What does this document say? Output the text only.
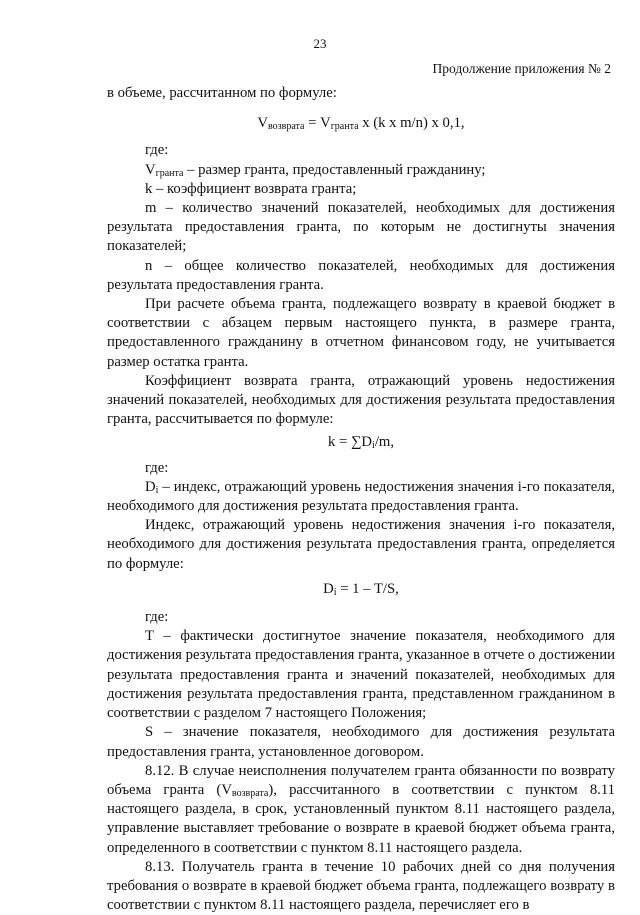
23
Продолжение приложения № 2

в объеме, рассчитанном по формуле:

$V_{возврата} = V_{гранта}$ x (k x m/n) x 0,1,

где:

$V_{гранта}$ – размер гранта, предоставленный гражданину;

k – коэффициент возврата гранта;

m – количество значений показателей, необходимых для достижения результата предоставления гранта, по которым не достигнуты значения показателей;

n – общее количество показателей, необходимых для достижения результата предоставления гранта.

При расчете объема гранта, подлежащего возврату в краевой бюджет в соответствии с абзацем первым настоящего пункта, в размере гранта, предоставленного гражданину в отчетном финансовом году, не учитывается размер остатка гранта.

Коэффициент возврата гранта, отражающий уровень недостижения значений показателей, необходимых для достижения результата предоставления гранта, рассчитывается по формуле:

$k = \sum D_i/m$,

где:

$D_i$ – индекс, отражающий уровень недостижения значения i-го показателя, необходимого для достижения результата предоставления гранта.

Индекс, отражающий уровень недостижения значения i-го показателя, необходимого для достижения результата предоставления гранта, определяется по формуле:

$D_i = 1 - T/S$,

где:

T – фактически достигнутое значение показателя, необходимого для достижения результата предоставления гранта, указанное в отчете о достижении результата предоставления гранта и значений показателей, необходимых для достижения результата предоставления гранта, представленном гражданином в соответствии с разделом 7 настоящего Положения;

S – значение показателя, необходимого для достижения результата предоставления гранта, установленное договором.

8.12. В случае неисполнения получателем гранта обязанности по возврату объема гранта $(V_{возврата})$, рассчитанного в соответствии с пунктом 8.11 настоящего раздела, в срок, установленный пунктом 8.11 настоящего раздела, управление выставляет требование о возврате в краевой бюджет объема гранта, определенного в соответствии с пунктом 8.11 настоящего раздела.

8.13. Получатель гранта в течение 10 рабочих дней со дня получения требования о возврате в краевой бюджет объема гранта, подлежащего возврату в соответствии с пунктом 8.11 настоящего раздела, перечисляет его в
